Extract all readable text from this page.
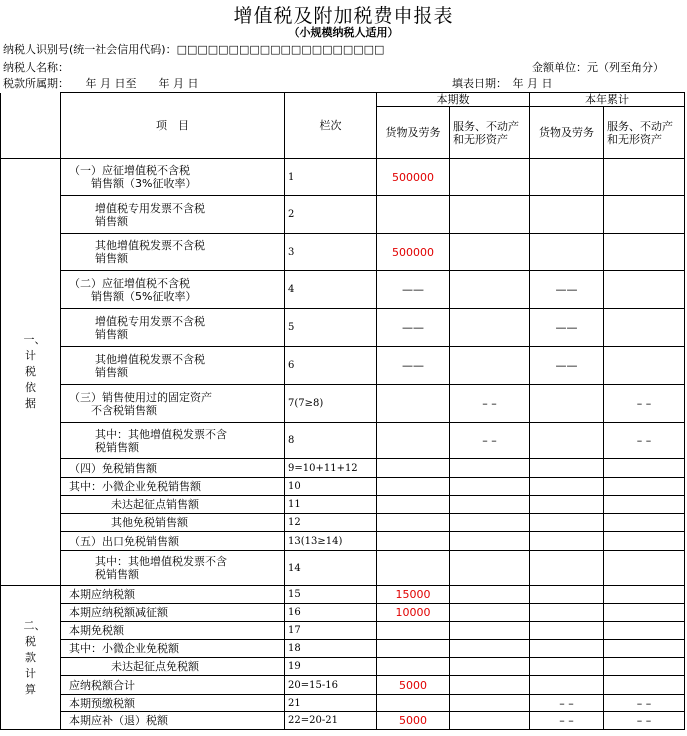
增值税及附加税费申报表
（小规模纳税人适用）
纳税人识别号(统一社会信用代码)：□□□□□□□□□□□□□□□□□□□□
纳税人名称：	金额单位：元（列至角分）
税款所属期：　　年 月 日至　　年 月 日	填表日期：　年 月 日
	项　目	栏次	本期数		本年累计	
			货物及劳务	服务、不动产和无形资产	货物及劳务	服务、不动产和无形资产

一、计税依据	（一）应征增值税不含税
　　销售额（3%征收率）	1	500000			
	增值税专用发票不含税
销售额	2				
	其他增值税发票不含税
销售额	3	500000			
	（二）应征增值税不含税
　　销售额（5%征收率）	4	——		——	
	增值税专用发票不含税
销售额	5	——		——	
	其他增值税发票不含税
销售额	6	——		——	
	（三）销售使用过的固定资产
　　不含税销售额	7(7≥8)		– –		– –
	其中：其他增值税发票不含
税销售额	8		– –		– –
	（四）免税销售额	9=10+11+12				
	其中：小微企业免税销售额	10				
	未达起征点销售额	11				
	其他免税销售额	12				
	（五）出口免税销售额	13(13≥14)				
	其中：其他增值税发票不含
税销售额	14				

二、税款计算	本期应纳税额	15	15000			
	本期应纳税额减征额	16	10000			
	本期免税额	17				
	其中：小微企业免税额	18				
	未达起征点免税额	19				
	应纳税额合计	20=15-16	5000			
	本期预缴税额	21			– –	– –
	本期应补（退）税额	22=20-21	5000		– –	– –
